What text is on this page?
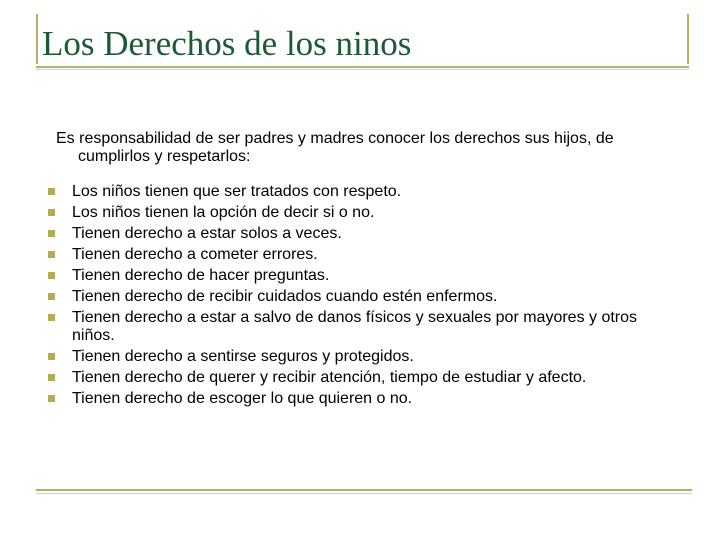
Los Derechos de los ninos

Es responsabilidad de ser padres y madres conocer los derechos sus hijos, de cumplirlos y respetarlos:

Los niños tienen que ser tratados con respeto.
Los niños tienen la opción de decir si o no.
Tienen derecho a estar solos a veces.
Tienen derecho a cometer errores.
Tienen derecho de hacer preguntas.
Tienen derecho de recibir cuidados cuando estén enfermos.
Tienen derecho a estar a salvo de danos físicos y sexuales por mayores y otros niños.
Tienen derecho a sentirse seguros y protegidos.
Tienen derecho de querer y recibir atención, tiempo de estudiar y afecto.
Tienen derecho de escoger lo que quieren o no.
